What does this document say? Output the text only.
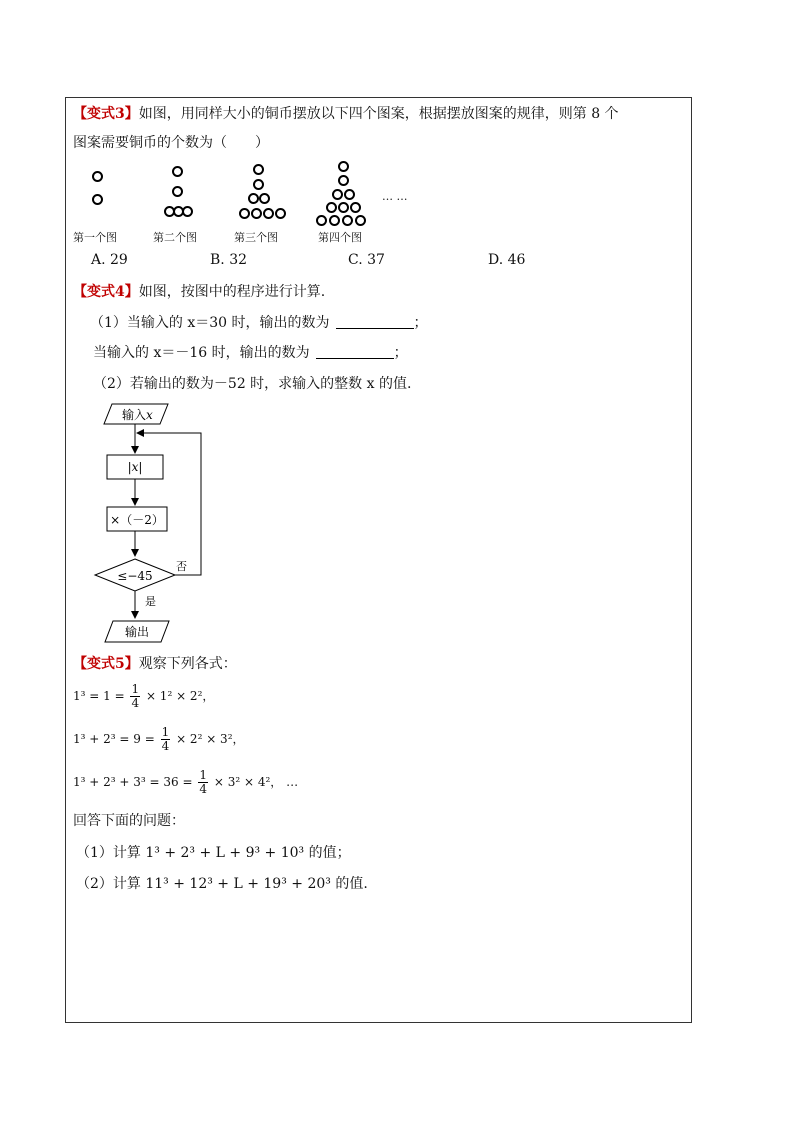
【变式3】如图，用同样大小的铜币摆放以下四个图案，根据摆放图案的规律，则第 8 个
图案需要铜币的个数为（　　）
… …
第一个图	第二个图	第三个图	第四个图
A. 29	B. 32	C. 37	D. 46
【变式4】如图，按图中的程序进行计算.
（1）当输入的 x＝30 时，输出的数为	；
当输入的 x＝－16 时，输出的数为	；
（2）若输出的数为－52 时，求输入的整数 x 的值.
输入x
|x|
×（－2）
≤−45
否
是
输出
【变式5】观察下列各式：
$1^3 = 1 = \frac{1}{4} \times 1^2 \times 2^2$，
$1^3 + 2^3 = 9 = \frac{1}{4} \times 2^2 \times 3^2$，
$1^3 + 2^3 + 3^3 = 36 = \frac{1}{4} \times 3^2 \times 4^2$， …
回答下面的问题：
（1）计算 1³ + 2³ + L + 9³ + 10³ 的值；
（2）计算 11³ + 12³ + L + 19³ + 20³ 的值.
